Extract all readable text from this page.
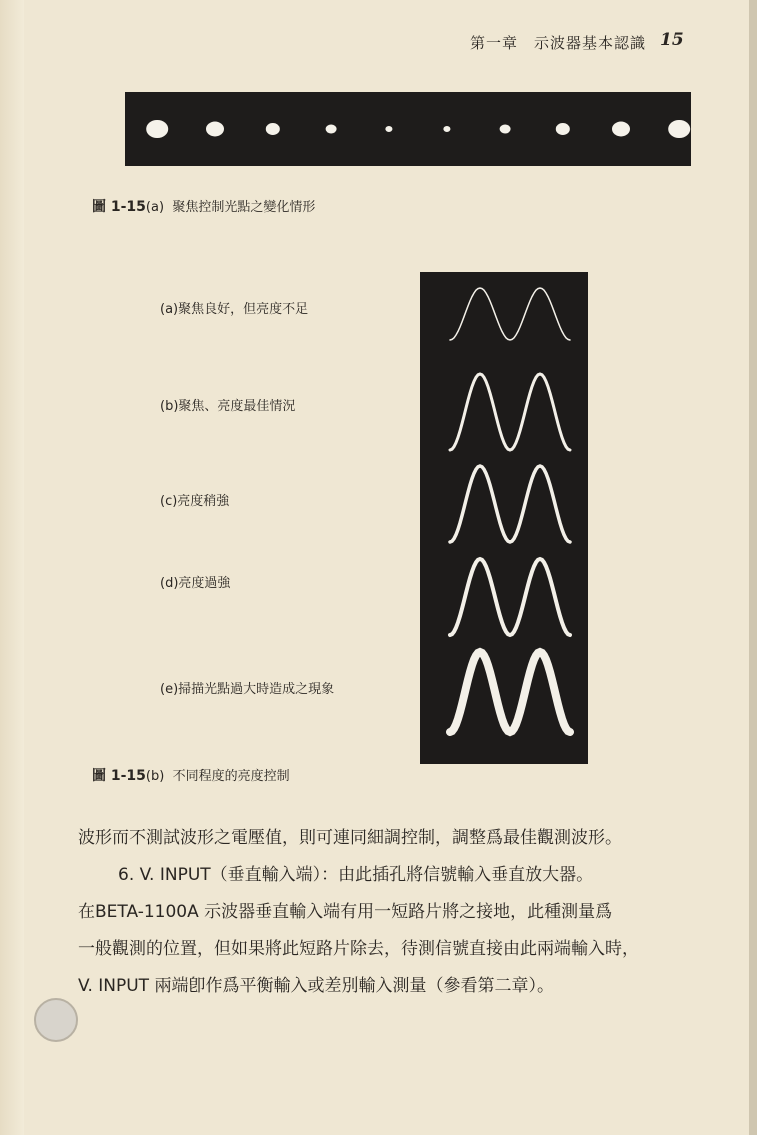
第一章　示波器基本認識 15
圖 1-15(a) 聚焦控制光點之變化情形
(a)聚焦良好，但亮度不足
(b)聚焦、亮度最佳情況
(c)亮度稍強
(d)亮度過強
(e)掃描光點過大時造成之現象
圖 1-15(b) 不同程度的亮度控制

波形而不測試波形之電壓值，則可連同細調控制，調整爲最佳觀測波形。

6. V. INPUT（垂直輸入端）：由此插孔將信號輸入垂直放大器。

在BETA-1100A 示波器垂直輸入端有用一短路片將之接地，此種測量爲

一般觀測的位置，但如果將此短路片除去，待測信號直接由此兩端輸入時，

V. INPUT 兩端卽作爲平衡輸入或差別輸入測量（參看第二章）。
